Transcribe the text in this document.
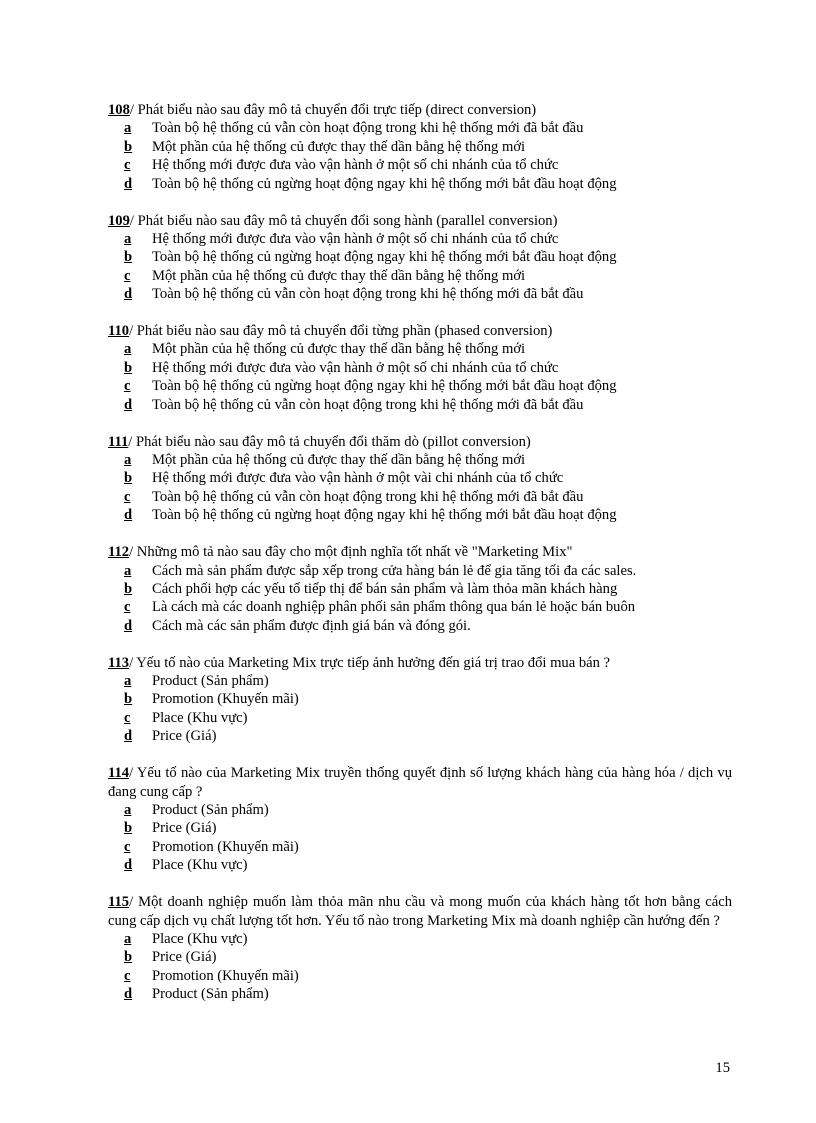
108/ Phát biểu nào sau đây mô tả chuyển đổi trực tiếp (direct conversion)
a	Toàn bộ hệ thống củ vẫn còn hoạt động trong khi hệ thống mới đã bắt đầu
b	Một phần của hệ thống củ được thay thế dần bằng hệ thống mới
c	Hệ thống mới được đưa vào vận hành ở một số chi nhánh của tổ chức
d	Toàn bộ hệ thống củ ngừng hoạt động ngay khi hệ thống mới bắt đầu hoạt động
109/ Phát biểu nào sau đây mô tả chuyển đổi song hành (parallel conversion)
a	Hệ thống mới được đưa vào vận hành ở một số chi nhánh của tổ chức
b	Toàn bộ hệ thống củ ngừng hoạt động ngay khi hệ thống mới bắt đầu hoạt động
c	Một phần của hệ thống củ được thay thế dần bằng hệ thống mới
d	Toàn bộ hệ thống củ vẫn còn hoạt động trong khi hệ thống mới đã bắt đầu
110/ Phát biểu nào sau đây mô tả chuyển đổi từng phần (phased conversion)
a	Một phần của hệ thống củ được thay thế dần bằng hệ thống mới
b	Hệ thống mới được đưa vào vận hành ở một số chi nhánh của tổ chức
c	Toàn bộ hệ thống củ ngừng hoạt động ngay khi hệ thống mới bắt đầu hoạt động
d	Toàn bộ hệ thống củ vẫn còn hoạt động trong khi hệ thống mới đã bắt đầu
111/ Phát biểu nào sau đây mô tả chuyển đổi thăm dò (pillot conversion)
a	Một phần của hệ thống củ được thay thế dần bằng hệ thống mới
b	Hệ thống mới được đưa vào vận hành ở một vài chi nhánh của tổ chức
c	Toàn bộ hệ thống củ vẫn còn hoạt động trong khi hệ thống mới đã bắt đầu
d	Toàn bộ hệ thống củ ngừng hoạt động ngay khi hệ thống mới bắt đầu hoạt động
112/ Những mô tả nào sau đây cho một định nghĩa tốt nhất về "Marketing Mix"
a	Cách mà sản phẩm được sắp xếp trong cửa hàng bán lẻ để gia tăng tối đa các sales.
b	Cách phối hợp các yếu tố tiếp thị để bán sản phẩm và làm thỏa mãn khách hàng
c	Là cách mà các doanh nghiệp phân phối sản phẩm thông qua bán lẻ hoặc bán buôn
d	Cách mà các sản phẩm được định giá bán và đóng gói.
113/ Yếu tố nào của Marketing Mix trực tiếp ảnh hưởng đến giá trị trao đổi mua bán ?
a	Product (Sản phẩm)
b	Promotion (Khuyến mãi)
c	Place (Khu vực)
d	Price (Giá)
114/ Yếu tố nào của Marketing Mix truyền thống quyết định số lượng khách hàng của hàng hóa / dịch vụ đang cung cấp ?
a	Product (Sản phẩm)
b	Price (Giá)
c	Promotion (Khuyến mãi)
d	Place (Khu vực)
115/ Một doanh nghiệp muốn làm thỏa mãn nhu cầu và mong muốn của khách hàng tốt hơn bằng cách cung cấp dịch vụ chất lượng tốt hơn. Yếu tố nào trong Marketing Mix mà doanh nghiệp cần hướng đến ?
a	Place (Khu vực)
b	Price (Giá)
c	Promotion (Khuyến mãi)
d	Product (Sản phẩm)
15
